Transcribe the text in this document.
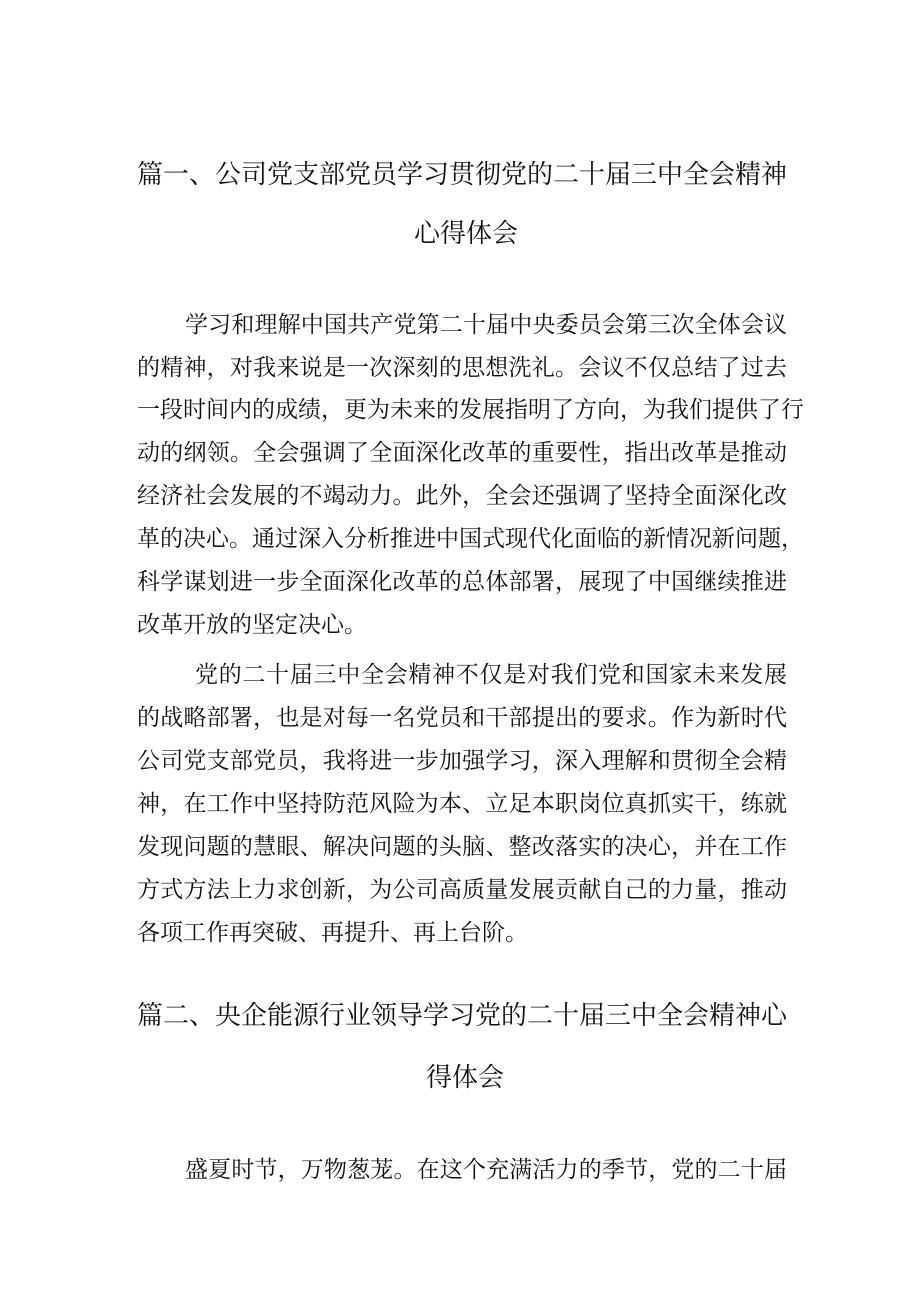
篇一、公司党支部党员学习贯彻党的二十届三中全会精神
心得体会
学习和理解中国共产党第二十届中央委员会第三次全体会议
的精神，对我来说是一次深刻的思想洗礼。会议不仅总结了过去
一段时间内的成绩，更为未来的发展指明了方向，为我们提供了行
动的纲领。全会强调了全面深化改革的重要性，指出改革是推动
经济社会发展的不竭动力。此外，全会还强调了坚持全面深化改
革的决心。通过深入分析推进中国式现代化面临的新情况新问题，
科学谋划进一步全面深化改革的总体部署，展现了中国继续推进
改革开放的坚定决心。
党的二十届三中全会精神不仅是对我们党和国家未来发展
的战略部署，也是对每一名党员和干部提出的要求。作为新时代
公司党支部党员，我将进一步加强学习，深入理解和贯彻全会精
神，在工作中坚持防范风险为本、立足本职岗位真抓实干，练就
发现问题的慧眼、解决问题的头脑、整改落实的决心，并在工作
方式方法上力求创新，为公司高质量发展贡献自己的力量，推动
各项工作再突破、再提升、再上台阶。
篇二、央企能源行业领导学习党的二十届三中全会精神心
得体会
盛夏时节，万物葱茏。在这个充满活力的季节，党的二十届
